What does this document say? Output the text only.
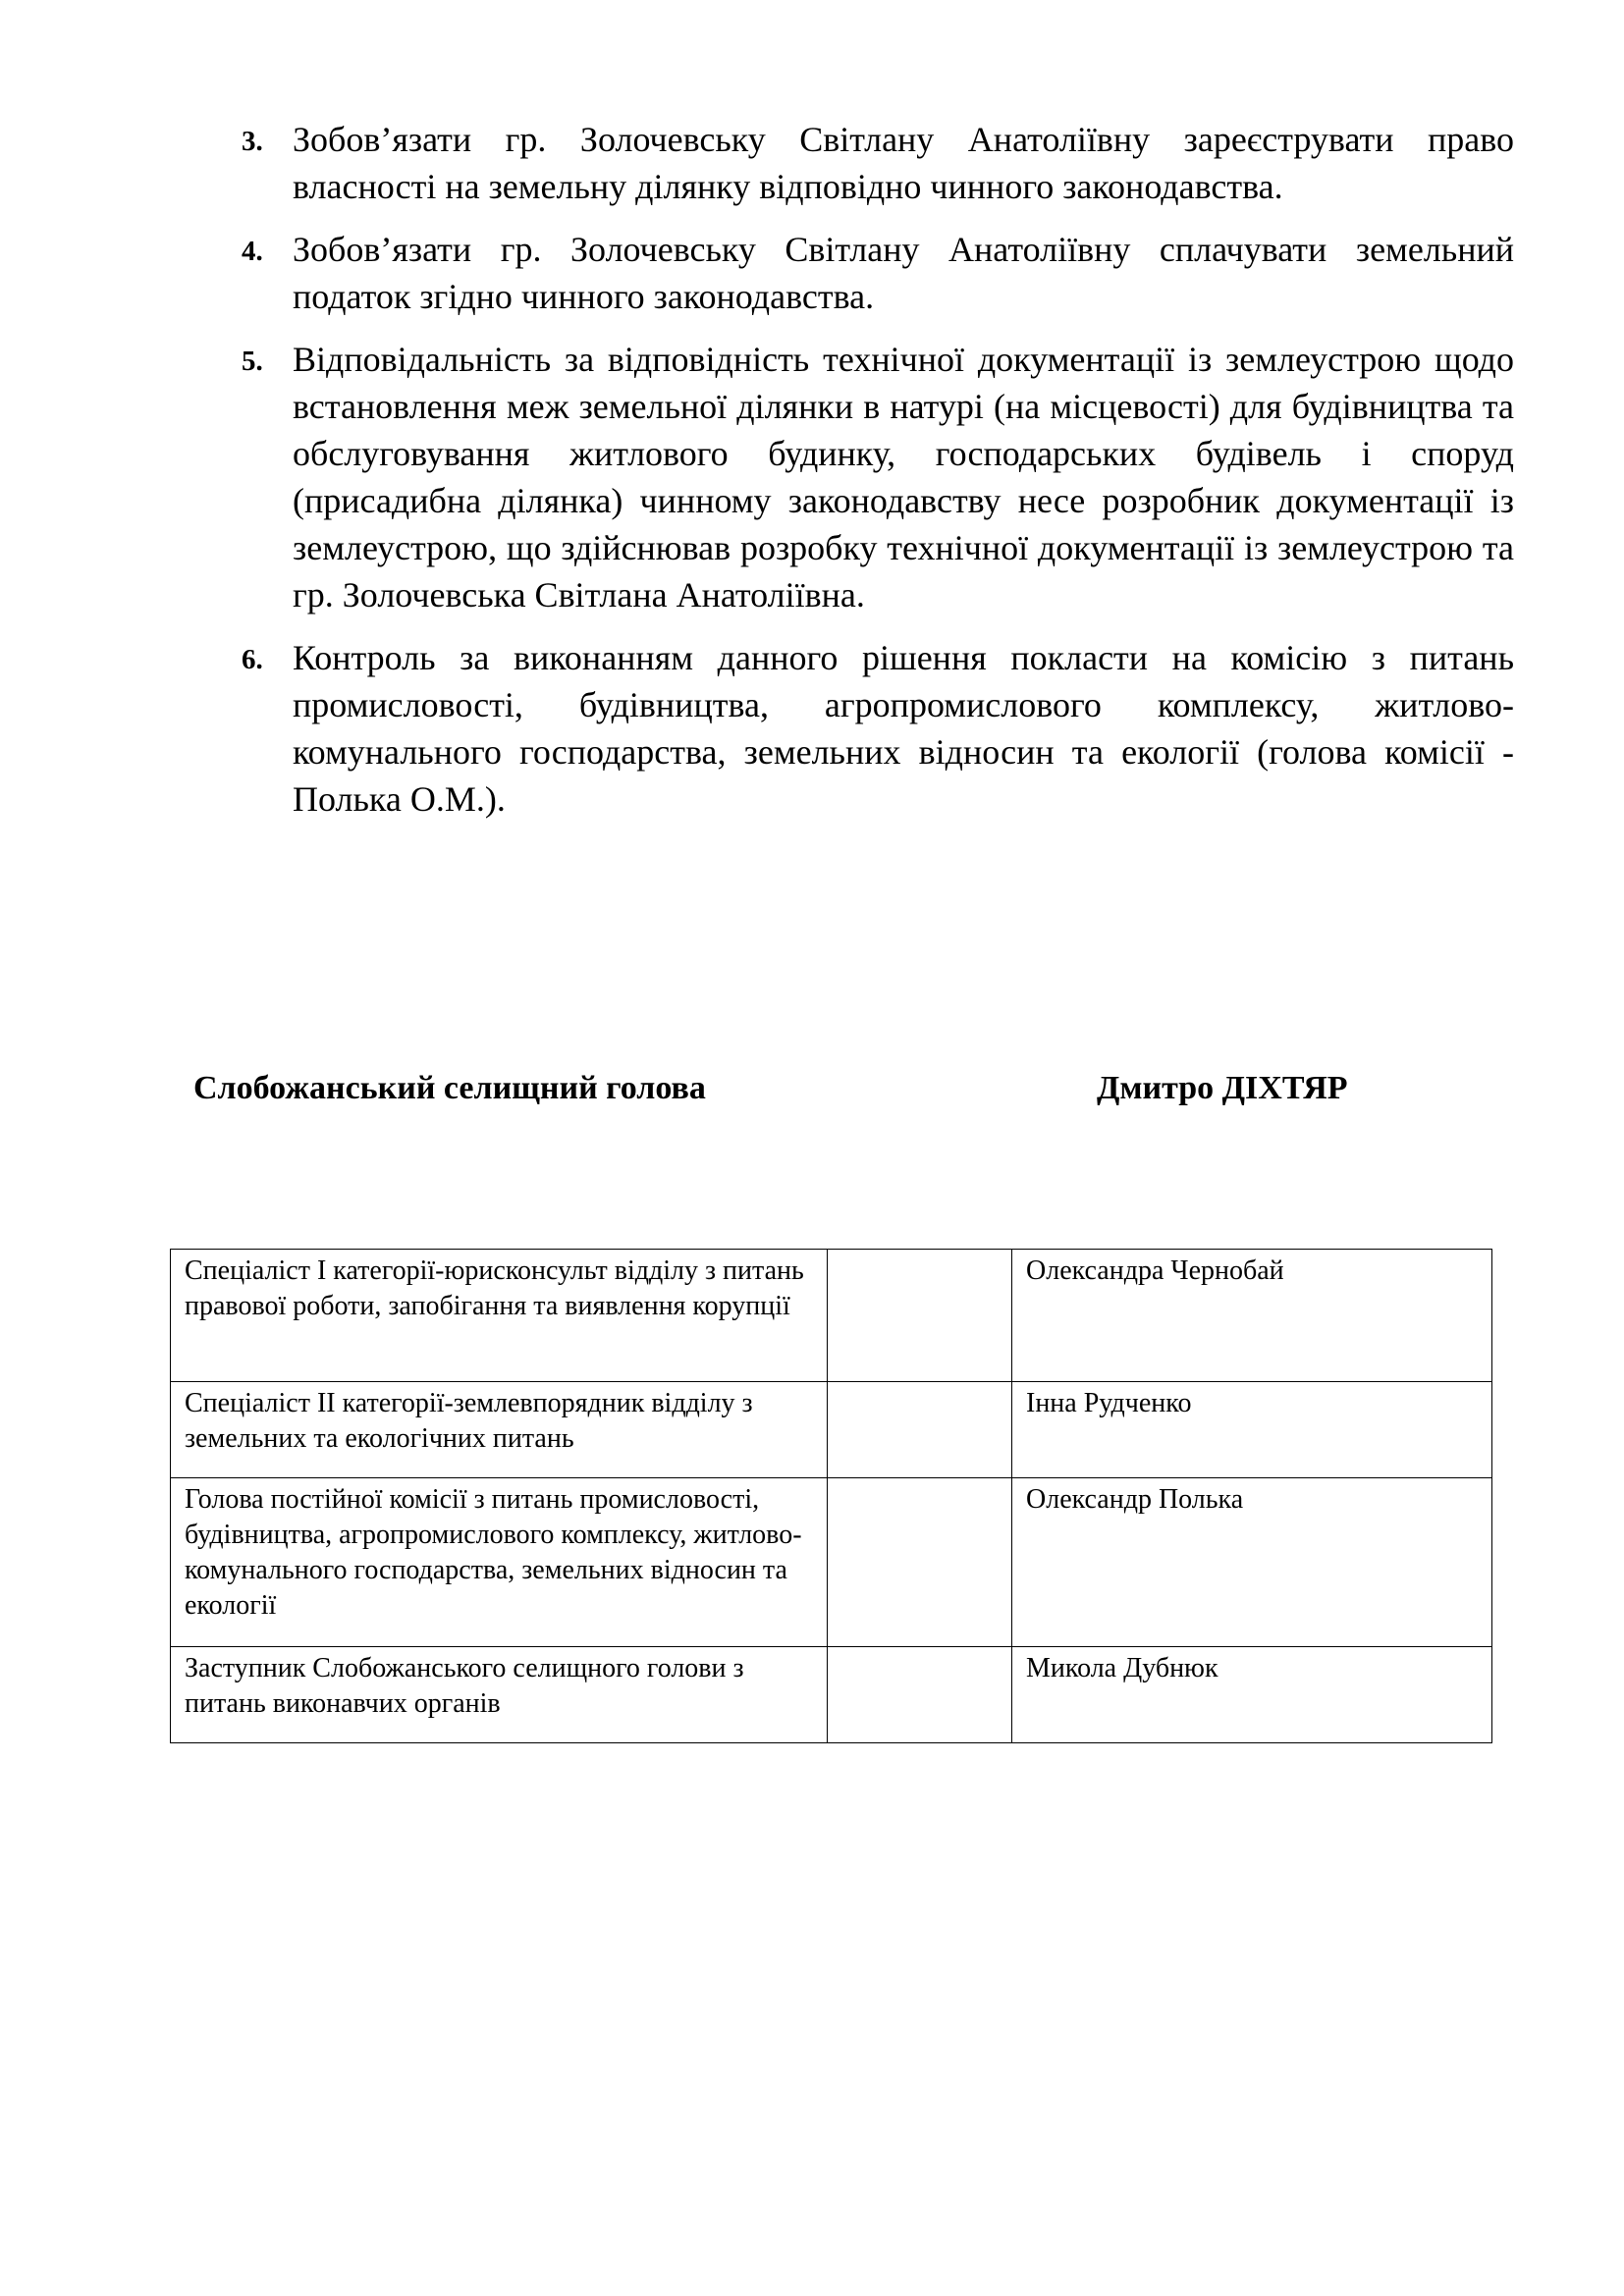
3. Зобов’язати гр. Золочевську Світлану Анатоліївну зареєструвати право власності на земельну ділянку відповідно чинного законодавства.
4. Зобов’язати гр. Золочевську Світлану Анатоліївну сплачувати земельний податок згідно чинного законодавства.
5. Відповідальність за відповідність технічної документації із землеустрою щодо встановлення меж земельної ділянки в натурі (на місцевості) для будівництва та обслуговування житлового будинку, господарських будівель і споруд (присадибна ділянка) чинному законодавству несе розробник документації із землеустрою, що здійснював розробку технічної документації із землеустрою та гр. Золочевська Світлана Анатоліївна.
6. Контроль за виконанням данного рішення покласти на комісію з питань промисловості, будівництва, агропромислового комплексу, житлово-комунального господарства, земельних відносин та екології (голова комісії - Полька О.М.).
Слобожанський селищний голова	Дмитро ДІХТЯР
Спеціаліст І категорії-юрисконсульт відділу з питань правової роботи, запобігання та виявлення корупції		Олександра Чернобай
Спеціаліст ІІ категорії-землевпорядник відділу з земельних та екологічних питань		Інна Рудченко
Голова постійної комісії з питань промисловості, будівництва, агропромислового комплексу, житлово-комунального господарства, земельних відносин та екології		Олександр Полька
Заступник Слобожанського селищного голови з питань виконавчих органів		Микола Дубнюк
